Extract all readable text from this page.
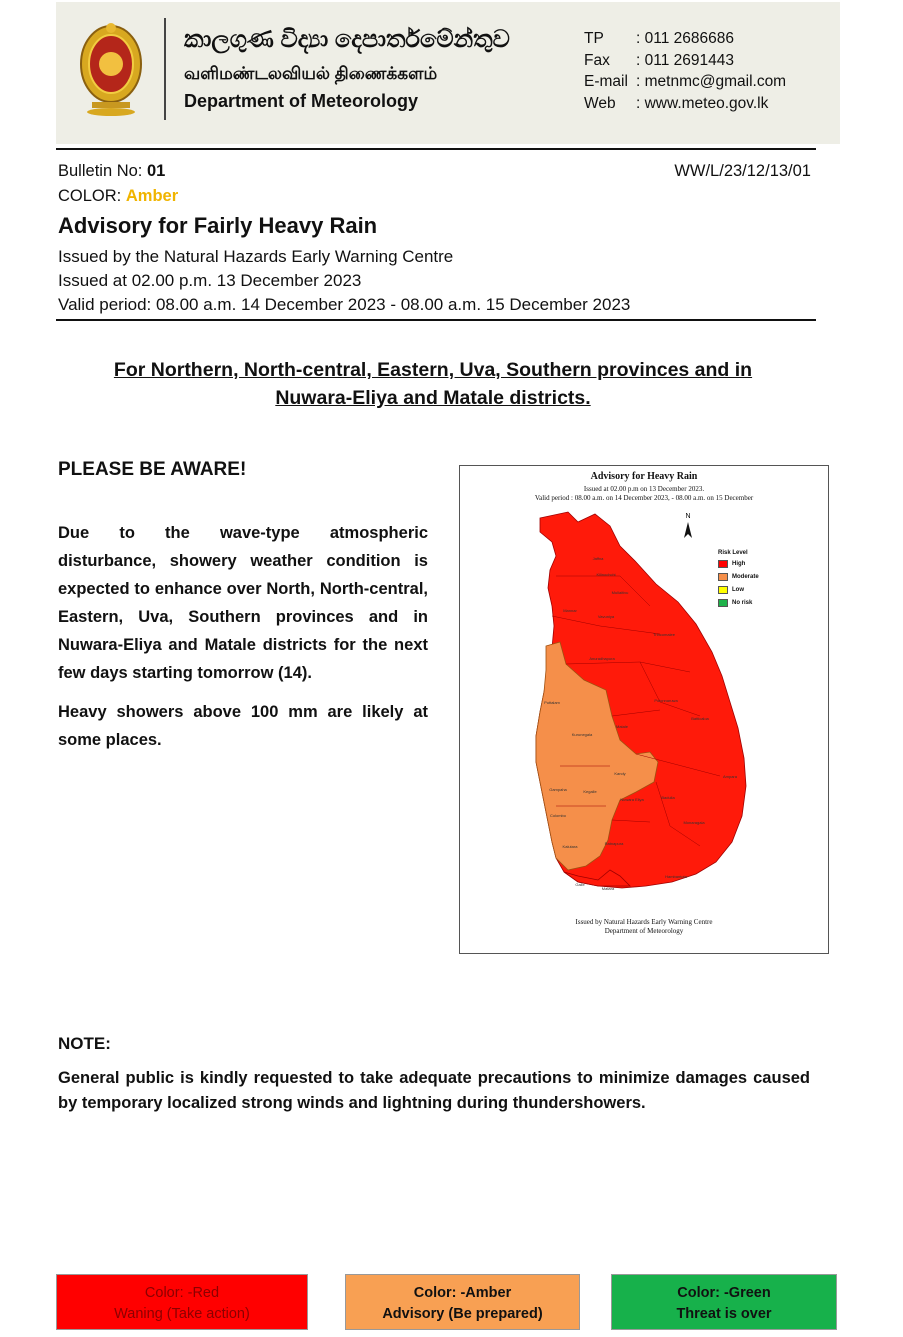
කාලගුණ විද්‍යා දෙපාර්තමේන්තුව
வளிமண்டலவியல் திணைக்களம்
Department of Meteorology
TP	: 011 2686686
Fax	: 011 2691443
E-mail : metnmc@gmail.com
Web	: www.meteo.gov.lk
Bulletin No: 01	WW/L/23/12/13/01
COLOR: Amber
Advisory for Fairly Heavy Rain
Issued by the Natural Hazards Early Warning Centre
Issued at 02.00 p.m. 13 December 2023
Valid period: 08.00 a.m. 14 December 2023 - 08.00 a.m. 15 December 2023
For Northern, North-central, Eastern, Uva, Southern provinces and in
Nuwara-Eliya and Matale districts.
PLEASE BE AWARE!
Due to the wave-type atmospheric disturbance, showery weather condition is expected to enhance over North, North-central, Eastern, Uva, Southern provinces and in Nuwara-Eliya and Matale districts for the next few days starting tomorrow (14).
Heavy showers above 100 mm are likely at some places.
Advisory for Heavy Rain
Issued at 02.00 p.m on 13 December 2023.
Valid period : 08.00 a.m. on 14 December 2023, - 08.00 a.m. on 15 December
N
Jaffna
Kilinochchi
Mullaitivu
Mannar
Vavuniya
Trincomalee
Anuradhapura
Polonnaruwa
Batticaloa
Puttalam
Kurunegala
Matale
Kandy
Ampara
Gampaha	Kegalle
Nuwara Eliya	Badulla
Colombo
Monaragala
Kalutara
Ratnapura
Hambantota
Galle
Matara
Risk Level
High
Moderate
Low
No risk
Issued by Natural Hazards Early Warning Centre
Department of Meteorology
NOTE:
General public is kindly requested to take adequate precautions to minimize damages caused by temporary localized strong winds and lightning during thundershowers.
Color: -Red
Waning (Take action)
Color: -Amber
Advisory (Be prepared)
Color: -Green
Threat is over
